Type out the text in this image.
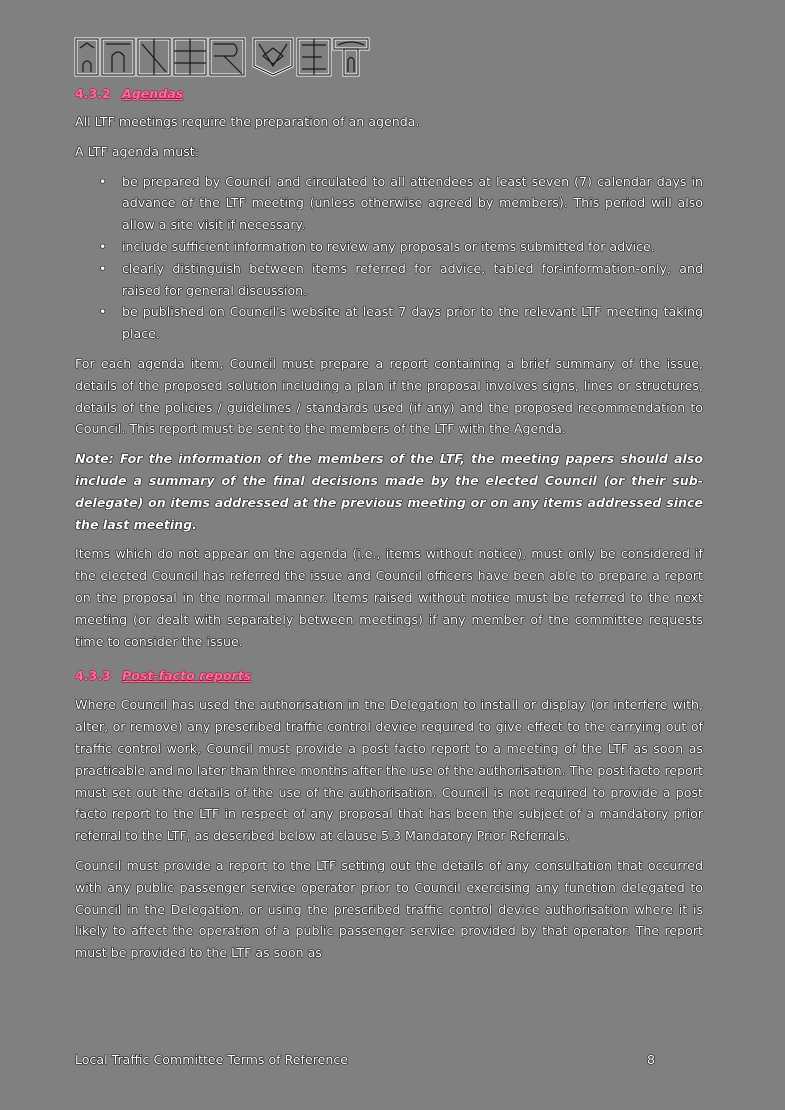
4.3.2 Agendas

All LTF meetings require the preparation of an agenda.

A LTF agenda must:

• be prepared by Council and circulated to all attendees at least seven (7) calendar days in advance of the LTF meeting (unless otherwise agreed by members). This period will also allow a site visit if necessary.
• include sufficient information to review any proposals or items submitted for advice.
• clearly distinguish between items referred for advice, tabled for-information-only, and raised for general discussion.
• be published on Council's website at least 7 days prior to the relevant LTF meeting taking place.

For each agenda item, Council must prepare a report containing a brief summary of the issue, details of the proposed solution including a plan if the proposal involves signs, lines or structures, details of the policies / guidelines / standards used (if any) and the proposed recommendation to Council. This report must be sent to the members of the LTF with the Agenda.

Note: For the information of the members of the LTF, the meeting papers should also include a summary of the final decisions made by the elected Council (or their sub-delegate) on items addressed at the previous meeting or on any items addressed since the last meeting.

Items which do not appear on the agenda (i.e., items without notice), must only be considered if the elected Council has referred the issue and Council officers have been able to prepare a report on the proposal in the normal manner. Items raised without notice must be referred to the next meeting (or dealt with separately between meetings) if any member of the committee requests time to consider the issue.

4.3.3 Post-facto reports

Where Council has used the authorisation in the Delegation to install or display (or interfere with, alter, or remove) any prescribed traffic control device required to give effect to the carrying out of traffic control work, Council must provide a post facto report to a meeting of the LTF as soon as practicable and no later than three months after the use of the authorisation. The post facto report must set out the details of the use of the authorisation. Council is not required to provide a post facto report to the LTF in respect of any proposal that has been the subject of a mandatory prior referral to the LTF, as described below at clause 5.3 Mandatory Prior Referrals.

Council must provide a report to the LTF setting out the details of any consultation that occurred with any public passenger service operator prior to Council exercising any function delegated to Council in the Delegation, or using the prescribed traffic control device authorisation where it is likely to affect the operation of a public passenger service provided by that operator. The report must be provided to the LTF as soon as

Local Traffic Committee Terms of Reference	8
